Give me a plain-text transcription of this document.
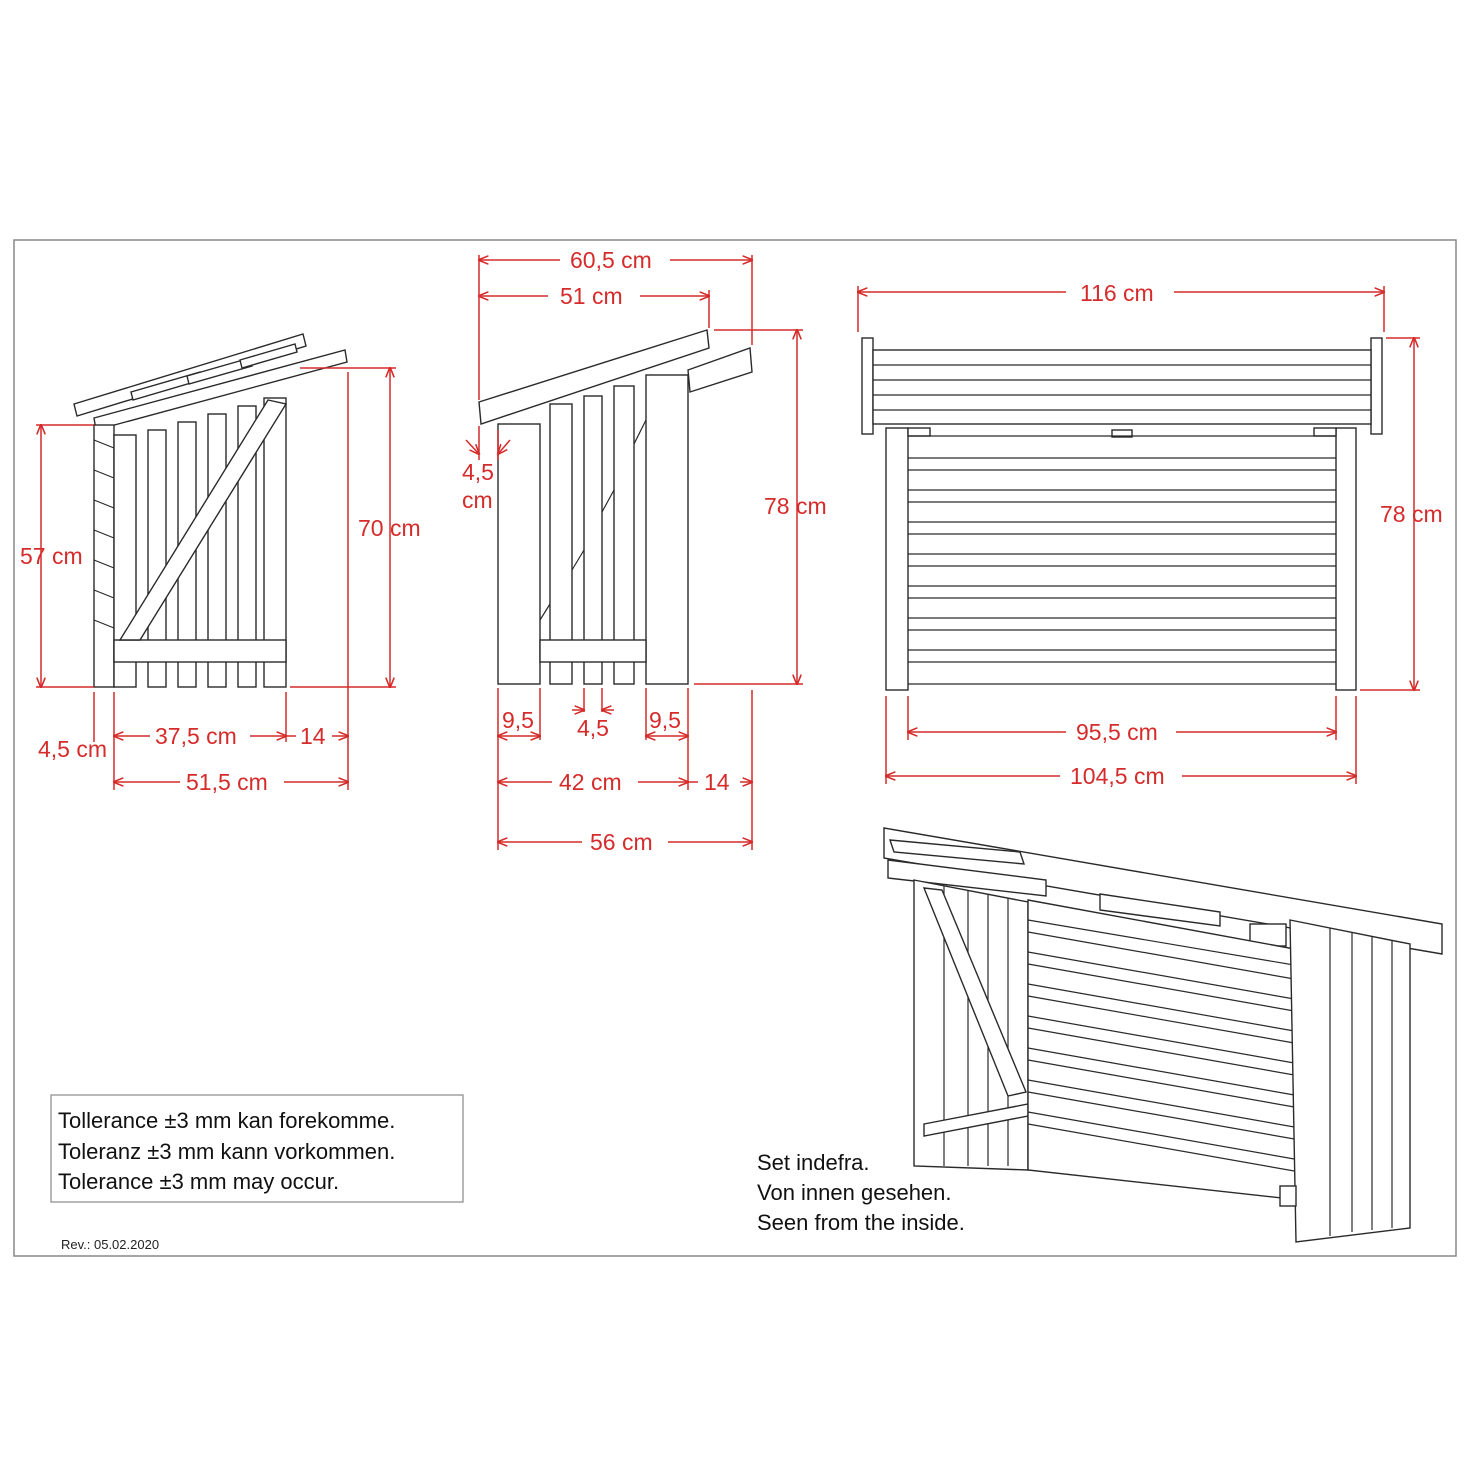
70 cm
57 cm
4,5 cm 37,5 cm	14
51,5 cm
60,5 cm
51 cm
78 cm
4,5
cm
9,5 4,5 9,5
42 cm	14
56 cm
116 cm
78 cm
95,5 cm
104,5 cm
Set indefra.
Von innen gesehen.
Seen from the inside.
Tollerance ±3 mm kan forekomme.
Toleranz ±3 mm kann vorkommen.
Tolerance ±3 mm may occur.
Rev.: 05.02.2020
